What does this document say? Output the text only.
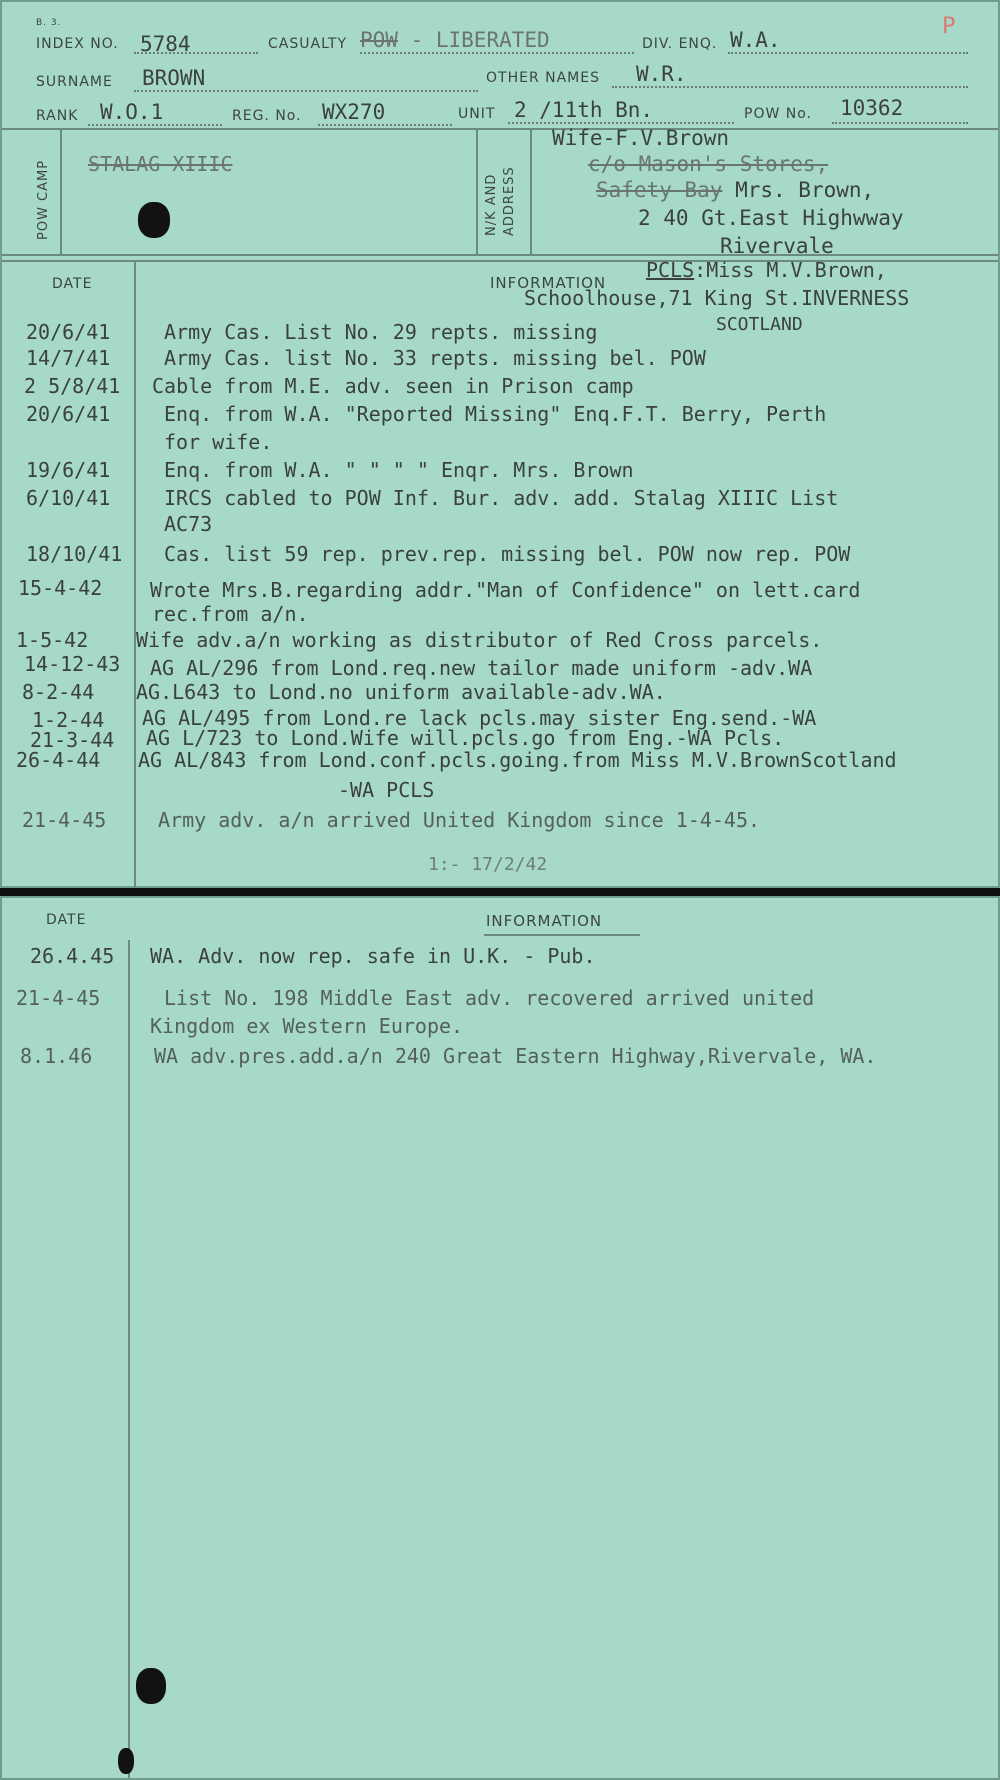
B. 3.	P
INDEX NO. 5784	CASUALTY POW - LIBERATED	DIV. ENQ. W.A.
SURNAME BROWN	OTHER NAMES W.R.
RANK W.O.1	REG. No. WX270	UNIT 2 /11th Bn.	POW No. 10362
POW CAMP	N/K AND ADDRESS
STALAG XIIIC
Wife-F.V.Brown
c/o Mason's Stores,
Safety Bay Mrs. Brown,
2 40 Gt.East Highwway
Rivervale
DATE	INFORMATION
PCLS:Miss M.V.Brown,
Schoolhouse,71 King St.INVERNESS
SCOTLAND
20/6/41	Army Cas. List No. 29 repts. missing
14/7/41	Army Cas. list No. 33 repts. missing bel. POW
2 5/8/41 Cable from M.E. adv. seen in Prison camp
20/6/41	Enq. from W.A. "Reported Missing" Enq.F.T. Berry, Perth
for wife.
19/6/41	Enq. from W.A. " " " " Enqr. Mrs. Brown
6/10/41	IRCS cabled to POW Inf. Bur. adv. add. Stalag XIIIC List
AC73
18/10/41 Cas. list 59 rep. prev.rep. missing bel. POW now rep. POW
15-4-42 Wrote Mrs.B.regarding addr."Man of Confidence" on lett.card
rec.from a/n.
1-5-42 Wife adv.a/n working as distributor of Red Cross parcels.
14-12-43 AG AL/296 from Lond.req.new tailor made uniform -adv.WA
8-2-44 AG.L643 to Lond.no uniform available-adv.WA.
1-2-44 AG AL/495 from Lond.re lack pcls.may sister Eng.send.-WA
21-3-44 AG L/723 to Lond.Wife will.pcls.go from Eng.-WA Pcls.
26-4-44 AG AL/843 from Lond.conf.pcls.going.from Miss M.V.BrownScotland
-WA PCLS
21-4-45	Army adv. a/n arrived United Kingdom since 1-4-45.
1:- 17/2/42
DATE	INFORMATION
26.4.45 WA. Adv. now rep. safe in U.K. - Pub.
21-4-45	List No. 198 Middle East adv. recovered arrived united
Kingdom ex Western Europe.
8.1.46	WA adv.pres.add.a/n 240 Great Eastern Highway,Rivervale, WA.
